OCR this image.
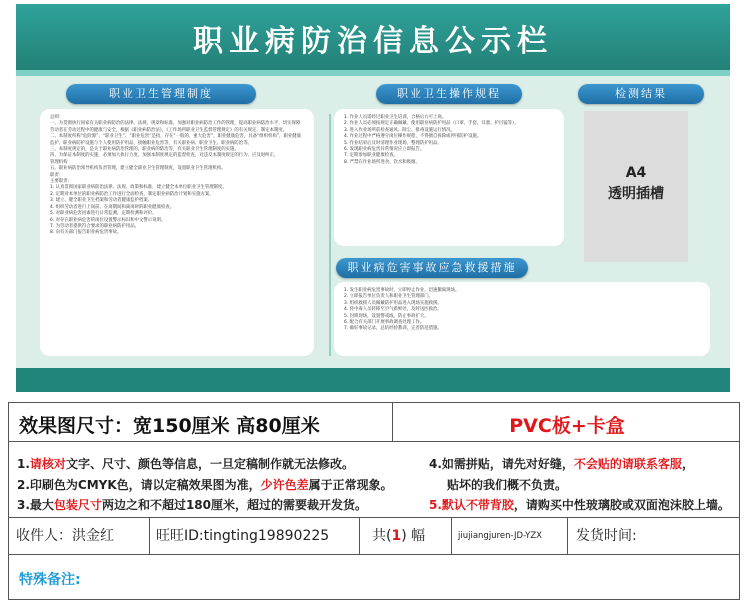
职业病防治信息公示栏
职业卫生管理制度	职业卫生操作规程	检测结果
总则：
一、为贯彻执行国家有关职业病防治的法律、法规、规章和标准，加强对职业病防治工作的管理，提高职业病防治水平，切实保障劳动者在劳动过程中的健康与安全，根据《职业病防治法》，《工作场所职业卫生监督管理规定》的有关规定，制定本制度。
二、本制度所称“危险源”、“职业卫生”、“职业危害”是指，存在“一般的、重大危害”，职业健康危害，具备“组织机构”，职业健康监护、职业病防护设施与个人使用防护用品，接触职业危害等，有关职业病、职业卫生、职业病防治等。
三、本制度规定的，是关于职业病防治管理的，职业病的防治等，有关职业卫生管理制度的实施。
四、为保证本制度的实施，必须加大执行力度，加强本制度规定的监督检查，对违反本制度规定的行为，应及时纠正。
管理机构
五、职业病防治领导机构负责管理，建立健全职业卫生管理制度，设置职业卫生管理机构。
职责：
主要职责：
1. 认真贯彻国家职业病防治法律、法规、政策和标准，建立健全本单位职业卫生管理制度。
2. 定期对本单位的职业病防治工作进行全面检查，制定职业病防治计划和实施方案。
3. 建立、健全职业卫生档案和劳动者健康监护档案。
4. 组织劳动者进行上岗前、在岗期间和离岗时的职业健康检查。
5. 对职业病危害因素进行日常监测，定期检测和评价。
6. 对存在职业病危害的岗位设置警示标识和中文警示说明。
7. 为劳动者提供符合要求的职业病防护用品。
8. 向有关部门报告职业病危害事故。
1. 作业人员需经过职业卫生培训，合格后方可上岗。
2. 作业人员必须按规定正确佩戴、使用职业病防护用品（口罩、手套、耳塞、护目镜等）。
3. 进入作业场所前检查通风、除尘、排毒设施运行情况。
4. 作业过程中严格遵守岗位操作规程，不得擅自拆除或停用防护设施。
5. 作业结束后及时清理作业现场，整理防护用品。
6. 发现职业病危害异常情况应立即报告。
7. 定期参加职业健康检查。
8. 严禁在作业场所进食、饮水和吸烟。
A4
透明插槽
职业病危害事故应急救援措施
1. 发生职业病危害事故时，立即停止作业，迅速撤离现场。
2. 立即报告单位负责人和职业卫生管理部门。
3. 组织救援人员佩戴防护用品进入现场实施救援。
4. 将中毒人员转移至空气新鲜处，及时送医救治。
5. 封锁现场，设置警戒线，防止事故扩大。
6. 配合有关部门开展事故调查处理工作。
7. 做好事故记录，总结经验教训，完善防范措施。
效果图尺寸：宽150厘米 高80厘米	PVC板+卡盒
1.请核对文字、尺寸、颜色等信息，一旦定稿制作就无法修改。
2.印刷色为CMYK色，请以定稿效果图为准，少许色差属于正常现象。
3.最大包装尺寸两边之和不超过180厘米，超过的需要裁开发货。
4.如需拼贴，请先对好缝，不会贴的请联系客服，
贴坏的我们概不负责。
5.默认不带背胶，请购买中性玻璃胶或双面泡沫胶上墙。
收件人：洪金红	旺旺ID:tingting19890225	共(1) 幅	jiujiangjuren-JD-YZX	发货时间:
特殊备注:
